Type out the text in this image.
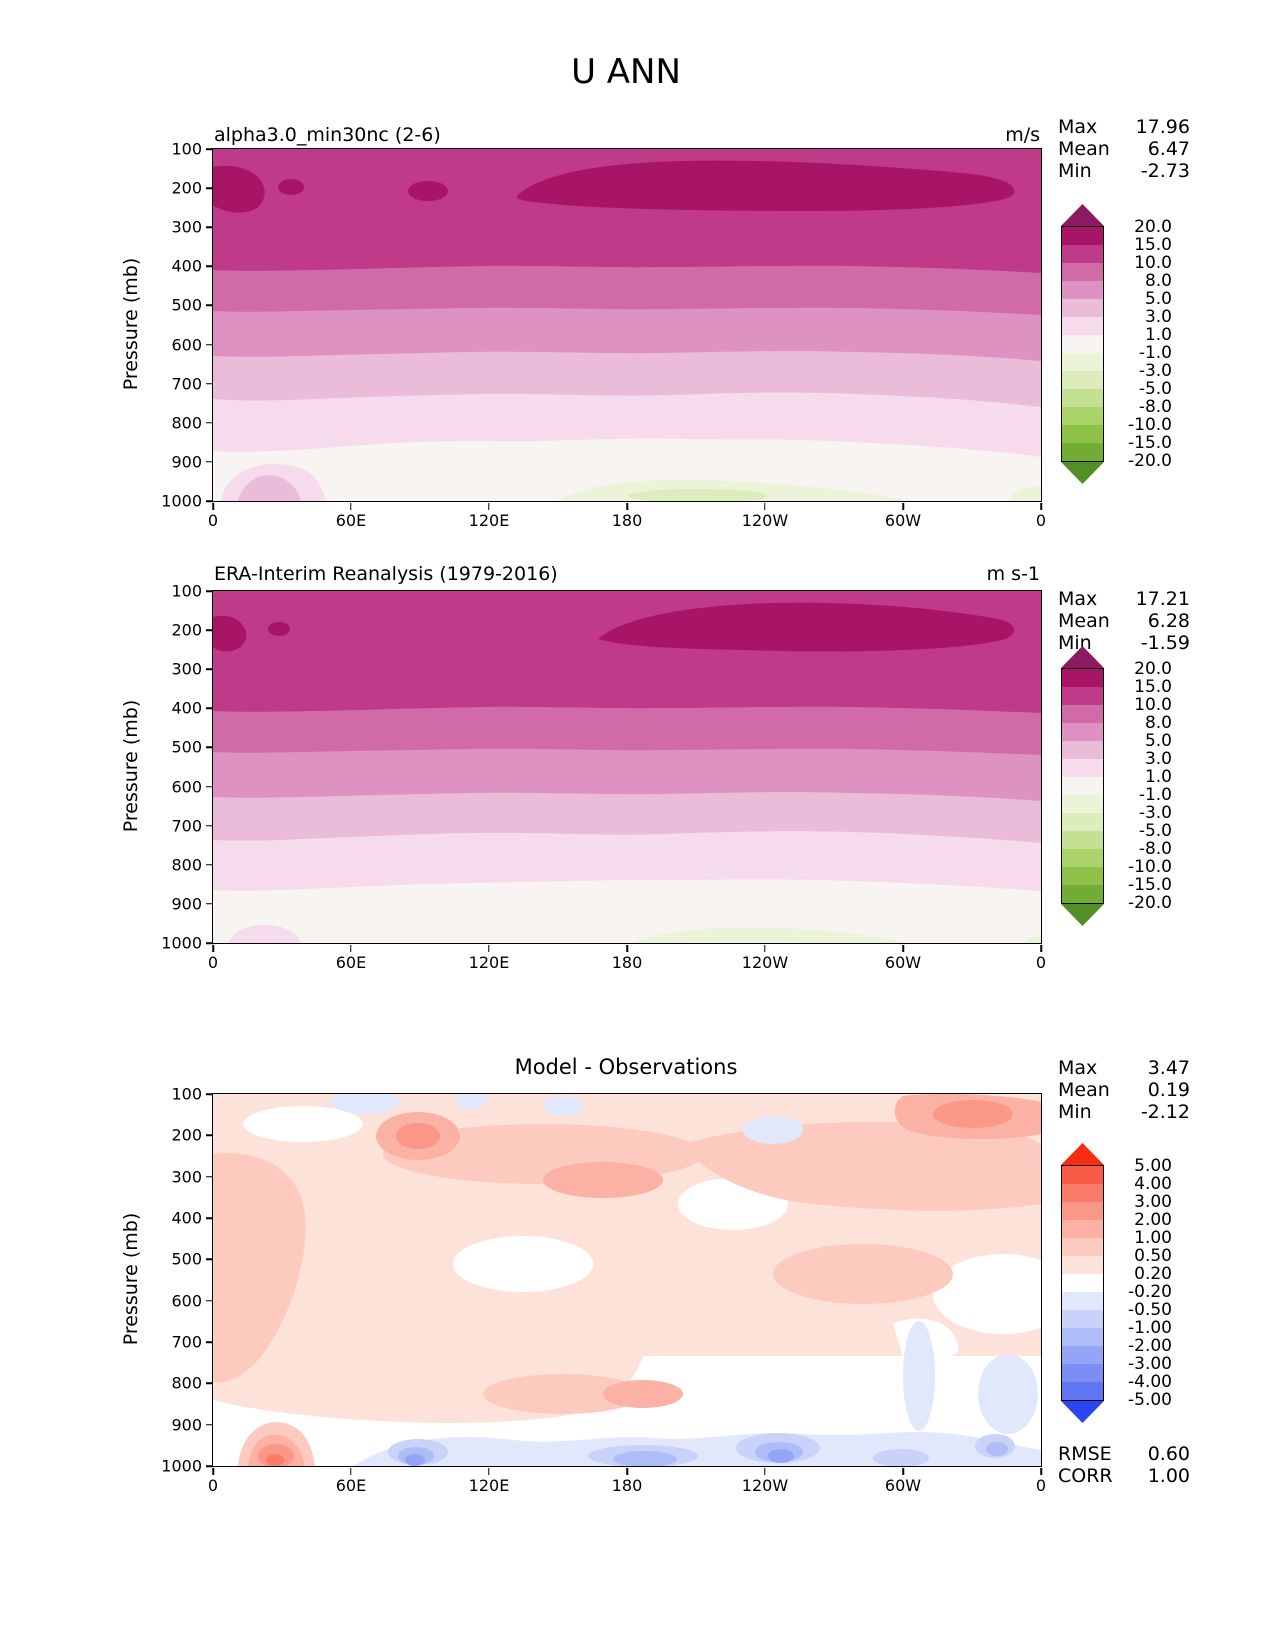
U ANN
alpha3.0_min30nc (2-6)	m/s Max 17.96
Mean 6.47
Min	-2.73
0	60E	120E	180	120W	60W	0
100
200
300
400
500
600
700
800
900
1000
Pressure (mb)
20.0
15.0
10.0
8.0
5.0
3.0
1.0
-1.0
-3.0
-5.0
-8.0
-10.0
-15.0
-20.0
ERA-Interim Reanalysis (1979-2016)	m s-1
Max 17.21
Mean 6.28
Min	-1.59
0	60E	120E	180	120W	60W	0
100
200
300
400
500
600
700
800
900
1000
Pressure (mb)
20.0
15.0
10.0
8.0
5.0
3.0
1.0
-1.0
-3.0
-5.0
-8.0
-10.0
-15.0
-20.0
Model - Observations	Max	3.47
Mean 0.19
Min	-2.12
0	60E	120E	180	120W	60W	0
100
200
300
400
500
600
700
800
900
1000
Pressure (mb)
5.00
4.00
3.00
2.00
1.00
0.50
0.20
-0.20
-0.50
-1.00
-2.00
-3.00
-4.00
-5.00
RMSE 0.60
CORR 1.00
